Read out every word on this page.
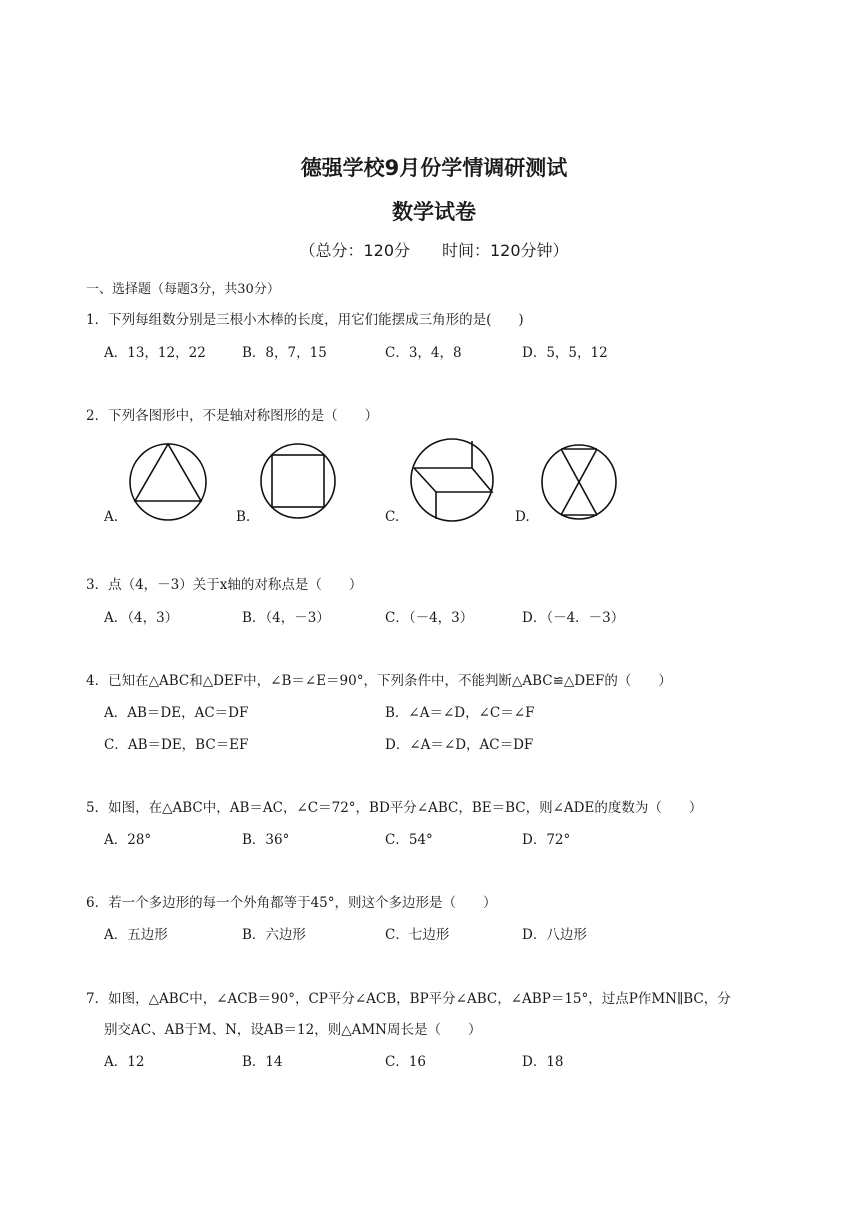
德强学校9月份学情调研测试
数学试卷
（总分：120分　　时间：120分钟）
一、选择题（每题3分，共30分）
1．下列每组数分别是三根小木棒的长度，用它们能摆成三角形的是(　　)
A．13，12，22	B．8，7，15	C．3，4，8	D．5，5，12
2．下列各图形中，不是轴对称图形的是（　　）
A.	B.	C.	D.
3．点（4，－3）关于x轴的对称点是（　　）
A．（4，3）	B．（4，－3）	C．（－4，3）	D．（－4．－3）
4．已知在△ABC和△DEF中，∠B＝∠E＝90°，下列条件中，不能判断△ABC≌△DEF的（　　）
A．AB＝DE，AC＝DF	B．∠A＝∠D，∠C＝∠F
C．AB＝DE，BC＝EF	D．∠A＝∠D，AC＝DF
5．如图，在△ABC中，AB＝AC，∠C＝72°，BD平分∠ABC，BE＝BC，则∠ADE的度数为（　　）
A．28°	B．36°	C．54°	D．72°
6．若一个多边形的每一个外角都等于45°，则这个多边形是（　　）
A．五边形	B．六边形	C．七边形	D．八边形
7．如图，△ABC中，∠ACB＝90°，CP平分∠ACB，BP平分∠ABC，∠ABP＝15°，过点P作MN∥BC，分
别交AC、AB于M、N，设AB＝12，则△AMN周长是（　　）
A．12	B．14	C．16	D．18
